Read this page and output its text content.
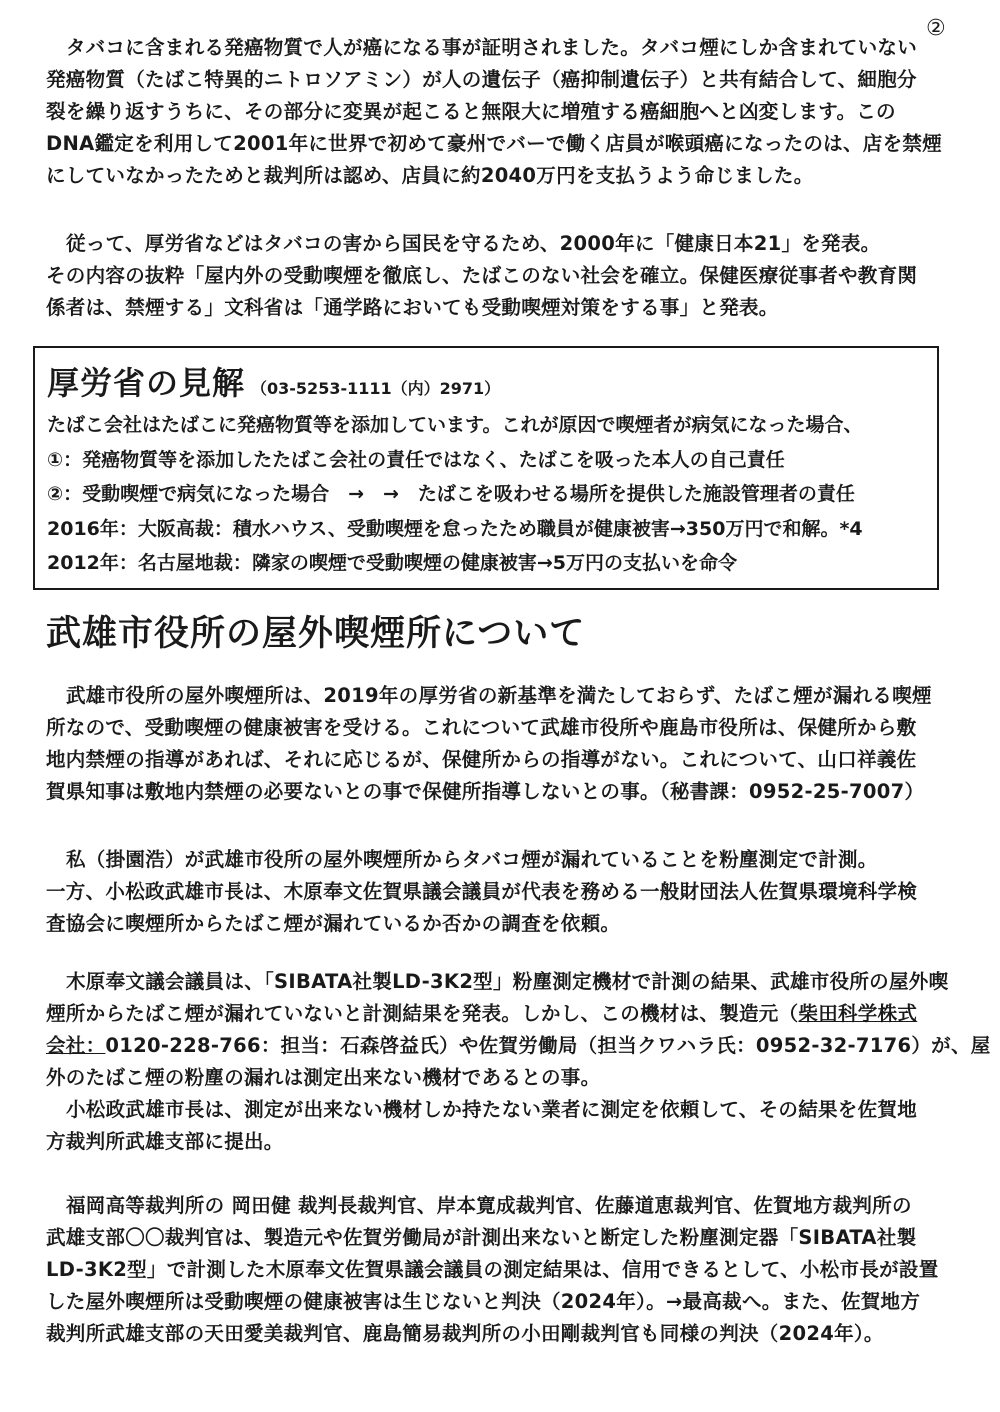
②
タバコに含まれる発癌物質で人が癌になる事が証明されました。タバコ煙にしか含まれていない
発癌物質（たばこ特異的ニトロソアミン）が人の遺伝子（癌抑制遺伝子）と共有結合して、細胞分
裂を繰り返すうちに、その部分に変異が起こると無限大に増殖する癌細胞へと凶変します。この
DNA鑑定を利用して2001年に世界で初めて豪州でバーで働く店員が喉頭癌になったのは、店を禁煙
にしていなかったためと裁判所は認め、店員に約2040万円を支払うよう命じました。
従って、厚労省などはタバコの害から国民を守るため、2000年に「健康日本21」を発表。
その内容の抜粋「屋内外の受動喫煙を徹底し、たばこのない社会を確立。保健医療従事者や教育関
係者は、禁煙する」文科省は「通学路においても受動喫煙対策をする事」と発表。
厚労省の見解 （03-5253-1111（内）2971）
たばこ会社はたばこに発癌物質等を添加しています。これが原因で喫煙者が病気になった場合、
①：発癌物質等を添加したたばこ会社の責任ではなく、たばこを吸った本人の自己責任
②：受動喫煙で病気になった場合　→　→　たばこを吸わせる場所を提供した施設管理者の責任
2016年：大阪高裁：積水ハウス、受動喫煙を怠ったため職員が健康被害→350万円で和解。*4
2012年：名古屋地裁：隣家の喫煙で受動喫煙の健康被害→5万円の支払いを命令
武雄市役所の屋外喫煙所について
武雄市役所の屋外喫煙所は、2019年の厚労省の新基準を満たしておらず、たばこ煙が漏れる喫煙
所なので、受動喫煙の健康被害を受ける。これについて武雄市役所や鹿島市役所は、保健所から敷
地内禁煙の指導があれば、それに応じるが、保健所からの指導がない。これについて、山口祥義佐
賀県知事は敷地内禁煙の必要ないとの事で保健所指導しないとの事。（秘書課：0952-25-7007）
私（掛園浩）が武雄市役所の屋外喫煙所からタバコ煙が漏れていることを粉塵測定で計測。
一方、小松政武雄市長は、木原奉文佐賀県議会議員が代表を務める一般財団法人佐賀県環境科学検
査協会に喫煙所からたばこ煙が漏れているか否かの調査を依頼。
木原奉文議会議員は、「SIBATA社製LD-3K2型」粉塵測定機材で計測の結果、武雄市役所の屋外喫
煙所からたばこ煙が漏れていないと計測結果を発表。しかし、この機材は、製造元（柴田科学株式
会社：0120-228-766：担当：石森啓益氏）や佐賀労働局（担当クワハラ氏：0952-32-7176）が、屋
外のたばこ煙の粉塵の漏れは測定出来ない機材であるとの事。
小松政武雄市長は、測定が出来ない機材しか持たない業者に測定を依頼して、その結果を佐賀地
方裁判所武雄支部に提出。
福岡高等裁判所の 岡田健 裁判長裁判官、岸本寛成裁判官、佐藤道恵裁判官、佐賀地方裁判所の
武雄支部〇〇裁判官は、製造元や佐賀労働局が計測出来ないと断定した粉塵測定器「SIBATA社製
LD-3K2型」で計測した木原奉文佐賀県議会議員の測定結果は、信用できるとして、小松市長が設置
した屋外喫煙所は受動喫煙の健康被害は生じないと判決（2024年）。→最高裁へ。また、佐賀地方
裁判所武雄支部の天田愛美裁判官、鹿島簡易裁判所の小田剛裁判官も同様の判決（2024年）。
